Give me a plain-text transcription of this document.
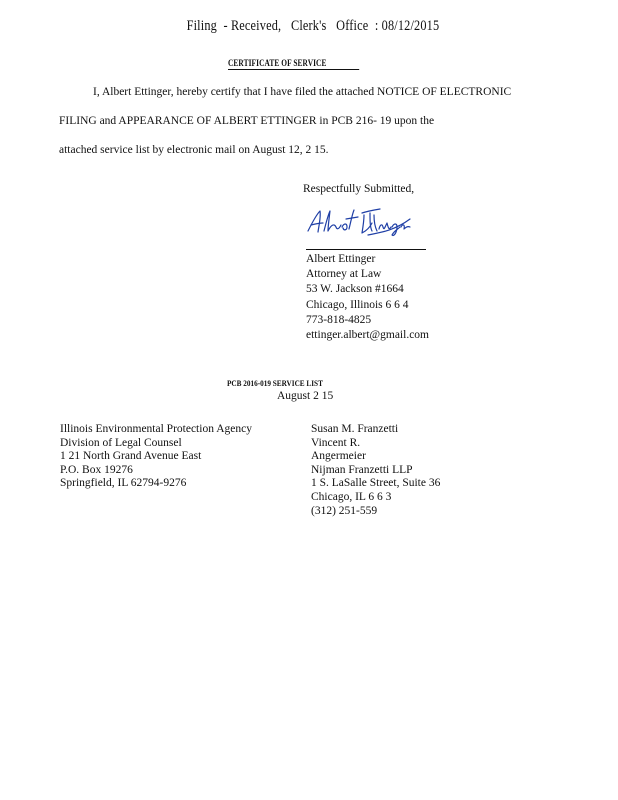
Filing  - Received,   Clerk's   Office  : 08/12/2015
CERTIFICATE OF SERVICE
I, Albert Ettinger, hereby certify that I have filed the attached NOTICE OF ELECTRONIC
FILING and APPEARANCE OF ALBERT ETTINGER in PCB 216- 19 upon the
attached service list by electronic mail on August 12, 2 15.
Respectfully Submitted,
Albert Ettinger
Attorney at Law
53 W. Jackson #1664
Chicago, Illinois 6 6 4
773-818-4825
ettinger.albert@gmail.com
PCB 2016-019 SERVICE LIST
August 2 15
Illinois Environmental Protection Agency
Division of Legal Counsel
1 21 North Grand Avenue East
P.O. Box 19276
Springfield, IL 62794-9276
Susan M. Franzetti
Vincent R.
Angermeier
Nijman Franzetti LLP
1 S. LaSalle Street, Suite 36
Chicago, IL 6 6 3
(312) 251-559
